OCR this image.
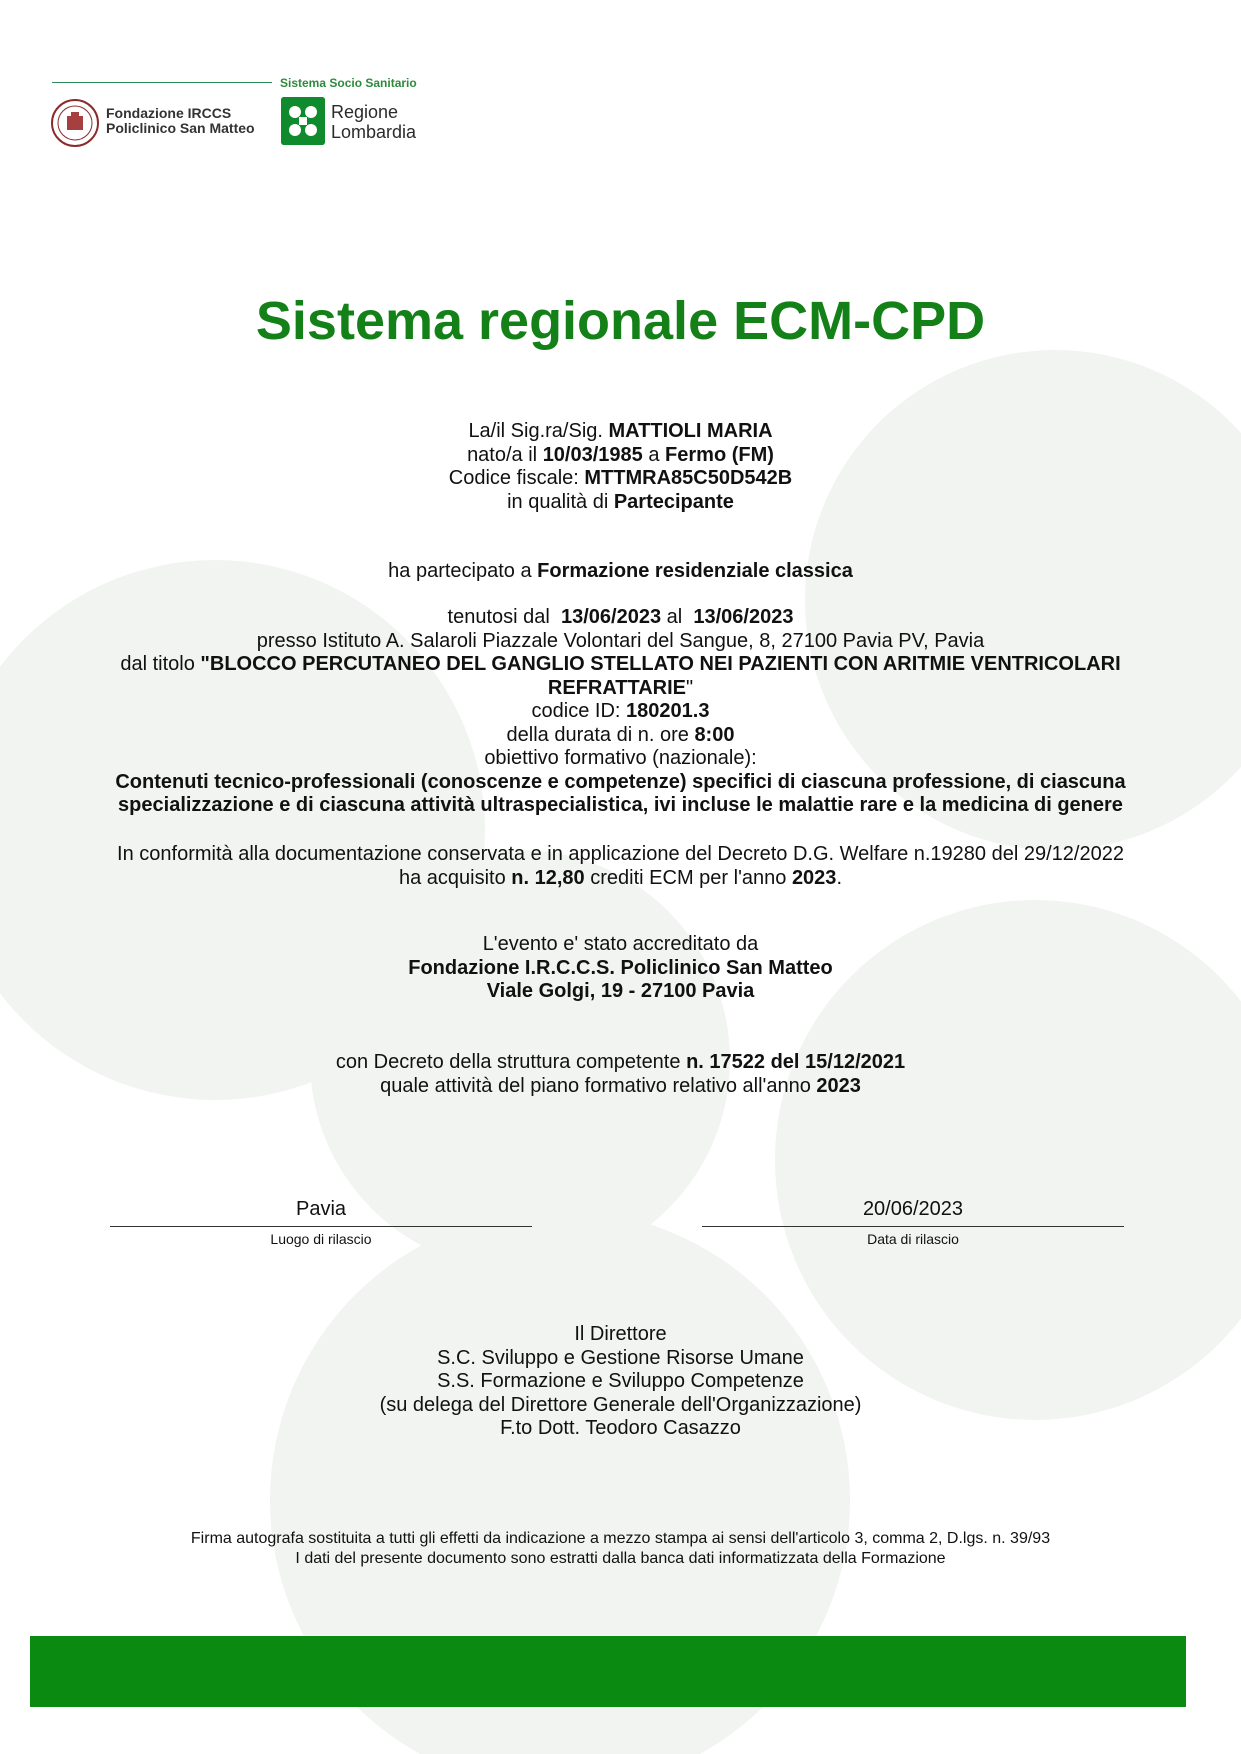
Sistema Socio Sanitario
Fondazione IRCCS
Policlinico San Matteo
Regione
Lombardia
Sistema regionale ECM-CPD
La/il Sig.ra/Sig. MATTIOLI MARIA
nato/a il 10/03/1985 a Fermo (FM)
Codice fiscale: MTTMRA85C50D542B
in qualità di Partecipante
ha partecipato a Formazione residenziale classica
tenutosi dal 13/06/2023 al 13/06/2023
presso Istituto A. Salaroli Piazzale Volontari del Sangue, 8, 27100 Pavia PV, Pavia
dal titolo "BLOCCO PERCUTANEO DEL GANGLIO STELLATO NEI PAZIENTI CON ARITMIE VENTRICOLARI
REFRATTARIE"
codice ID: 180201.3
della durata di n. ore 8:00
obiettivo formativo (nazionale):
Contenuti tecnico-professionali (conoscenze e competenze) specifici di ciascuna professione, di ciascuna
specializzazione e di ciascuna attività ultraspecialistica, ivi incluse le malattie rare e la medicina di genere
In conformità alla documentazione conservata e in applicazione del Decreto D.G. Welfare n.19280 del 29/12/2022
ha acquisito n. 12,80 crediti ECM per l'anno 2023.
L'evento e' stato accreditato da
Fondazione I.R.C.C.S. Policlinico San Matteo
Viale Golgi, 19 - 27100 Pavia
con Decreto della struttura competente n. 17522 del 15/12/2021
quale attività del piano formativo relativo all'anno 2023
Pavia
Luogo di rilascio
20/06/2023
Data di rilascio
Il Direttore
S.C. Sviluppo e Gestione Risorse Umane
S.S. Formazione e Sviluppo Competenze
(su delega del Direttore Generale dell'Organizzazione)
F.to Dott. Teodoro Casazzo
Firma autografa sostituita a tutti gli effetti da indicazione a mezzo stampa ai sensi dell'articolo 3, comma 2, D.lgs. n. 39/93
I dati del presente documento sono estratti dalla banca dati informatizzata della Formazione
